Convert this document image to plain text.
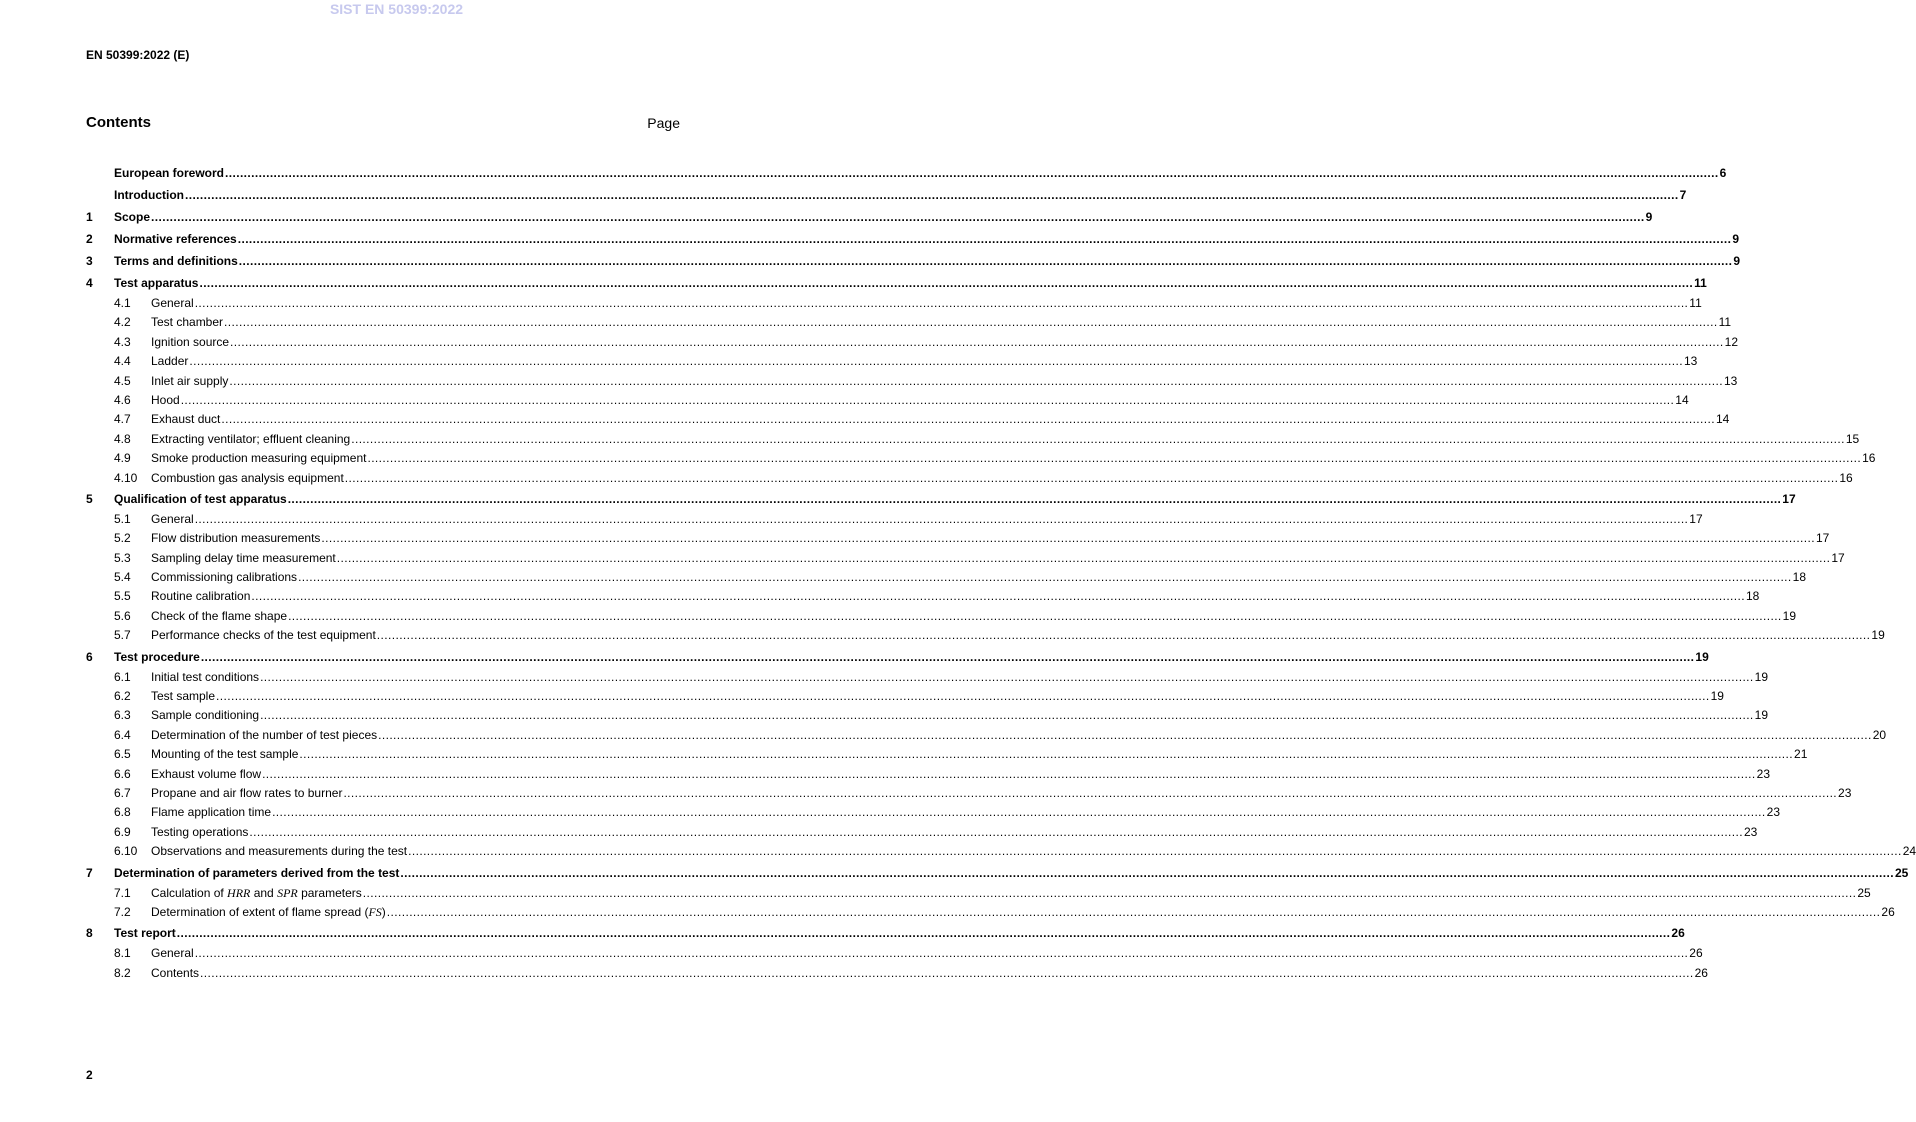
SIST EN 50399:2022
EN 50399:2022 (E)
Contents	Page
European foreword ................................................................................................................................................................................................................................................................................................................................................................................................................ 6
Introduction ................................................................................................................................................................................................................................................................................................................................................................................................................ 7
1	Scope ................................................................................................................................................................................................................................................................................................................................................................................................................ 9
2	Normative references ................................................................................................................................................................................................................................................................................................................................................................................................................ 9
3	Terms and definitions ................................................................................................................................................................................................................................................................................................................................................................................................................ 9
4	Test apparatus ................................................................................................................................................................................................................................................................................................................................................................................................................ 11
4.1	General ................................................................................................................................................................................................................................................................................................................................................................................................................ 11
4.2	Test chamber ................................................................................................................................................................................................................................................................................................................................................................................................................ 11
4.3	Ignition source ................................................................................................................................................................................................................................................................................................................................................................................................................ 12
4.4	Ladder ................................................................................................................................................................................................................................................................................................................................................................................................................ 13
4.5	Inlet air supply ................................................................................................................................................................................................................................................................................................................................................................................................................ 13
4.6	Hood ................................................................................................................................................................................................................................................................................................................................................................................................................ 14
4.7	Exhaust duct ................................................................................................................................................................................................................................................................................................................................................................................................................ 14
4.8	Extracting ventilator; effluent cleaning ................................................................................................................................................................................................................................................................................................................................................................................................................ 15
4.9	Smoke production measuring equipment ................................................................................................................................................................................................................................................................................................................................................................................................................ 16
4.10	Combustion gas analysis equipment ................................................................................................................................................................................................................................................................................................................................................................................................................ 16
5	Qualification of test apparatus ................................................................................................................................................................................................................................................................................................................................................................................................................ 17
5.1	General ................................................................................................................................................................................................................................................................................................................................................................................................................ 17
5.2	Flow distribution measurements ................................................................................................................................................................................................................................................................................................................................................................................................................ 17
5.3	Sampling delay time measurement ................................................................................................................................................................................................................................................................................................................................................................................................................ 17
5.4	Commissioning calibrations ................................................................................................................................................................................................................................................................................................................................................................................................................ 18
5.5	Routine calibration ................................................................................................................................................................................................................................................................................................................................................................................................................ 18
5.6	Check of the flame shape ................................................................................................................................................................................................................................................................................................................................................................................................................ 19
5.7	Performance checks of the test equipment ................................................................................................................................................................................................................................................................................................................................................................................................................ 19
6	Test procedure ................................................................................................................................................................................................................................................................................................................................................................................................................ 19
6.1	Initial test conditions ................................................................................................................................................................................................................................................................................................................................................................................................................ 19
6.2	Test sample ................................................................................................................................................................................................................................................................................................................................................................................................................ 19
6.3	Sample conditioning ................................................................................................................................................................................................................................................................................................................................................................................................................ 19
6.4	Determination of the number of test pieces ................................................................................................................................................................................................................................................................................................................................................................................................................ 20
6.5	Mounting of the test sample ................................................................................................................................................................................................................................................................................................................................................................................................................ 21
6.6	Exhaust volume flow ................................................................................................................................................................................................................................................................................................................................................................................................................ 23
6.7	Propane and air flow rates to burner ................................................................................................................................................................................................................................................................................................................................................................................................................ 23
6.8	Flame application time ................................................................................................................................................................................................................................................................................................................................................................................................................ 23
6.9	Testing operations ................................................................................................................................................................................................................................................................................................................................................................................................................ 23
6.10	Observations and measurements during the test ................................................................................................................................................................................................................................................................................................................................................................................................................ 24
7	Determination of parameters derived from the test ................................................................................................................................................................................................................................................................................................................................................................................................................ 25
7.1	Calculation of HRR and SPR parameters ................................................................................................................................................................................................................................................................................................................................................................................................................ 25
7.2	Determination of extent of flame spread (FS) ................................................................................................................................................................................................................................................................................................................................................................................................................ 26
8	Test report ................................................................................................................................................................................................................................................................................................................................................................................................................ 26
8.1	General ................................................................................................................................................................................................................................................................................................................................................................................................................ 26
8.2	Contents ................................................................................................................................................................................................................................................................................................................................................................................................................ 26
2
